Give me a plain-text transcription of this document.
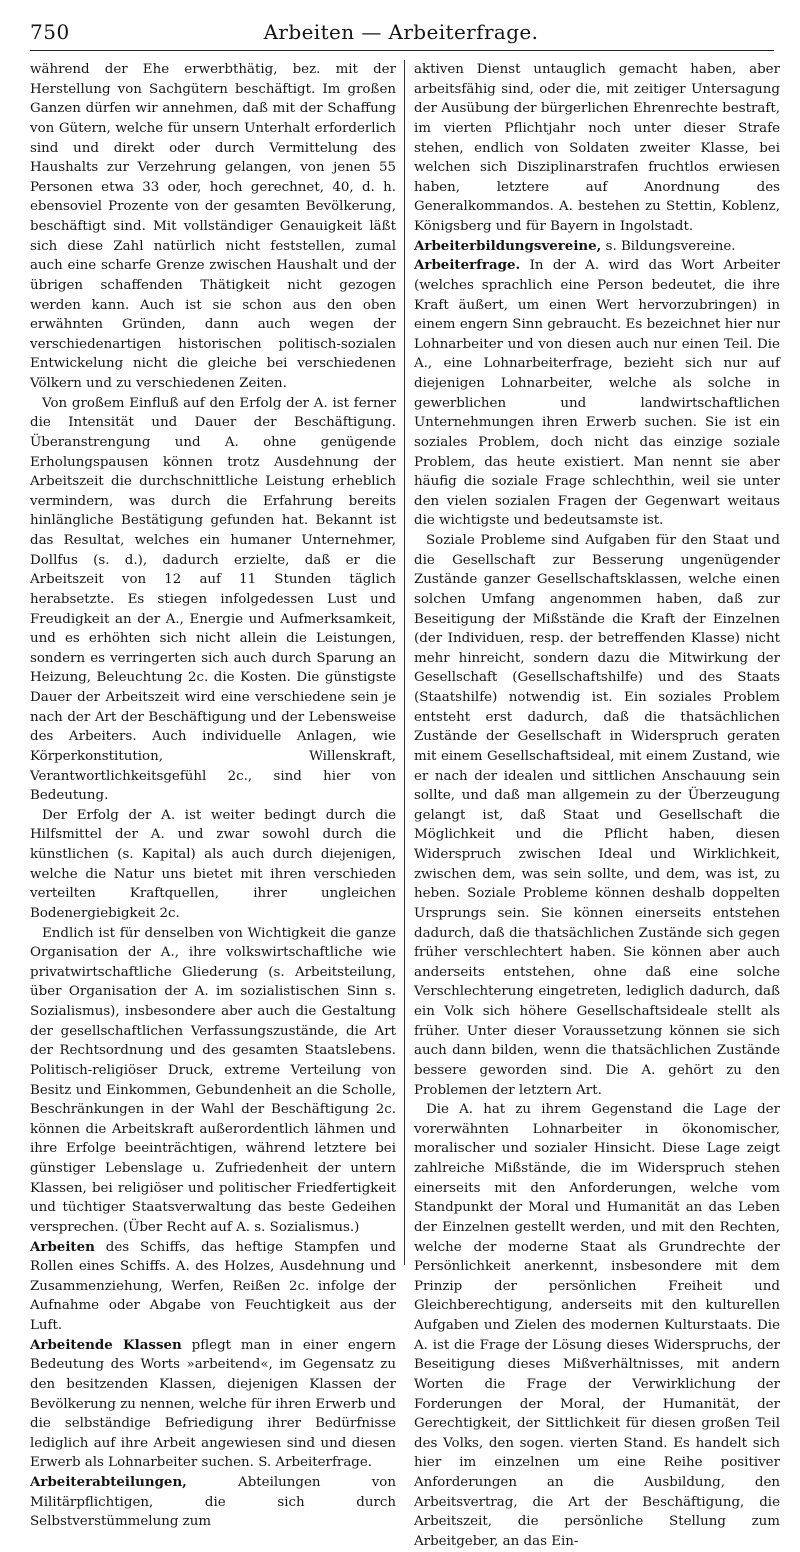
750	Arbeiten — Arbeiterfrage.

während der Ehe erwerbthätig, bez. mit der Herstellung von Sachgütern beschäftigt. Im großen Ganzen dürfen wir annehmen, daß mit der Schaffung von Gütern, welche für unsern Unterhalt erforderlich sind und direkt oder durch Vermittelung des Haushalts zur Verzehrung gelangen, von jenen 55 Personen etwa 33 oder, hoch gerechnet, 40, d. h. ebensoviel Prozente von der gesamten Bevölkerung, beschäftigt sind. Mit vollständiger Genauigkeit läßt sich diese Zahl natürlich nicht feststellen, zumal auch eine scharfe Grenze zwischen Haushalt und der übrigen schaffenden Thätigkeit nicht gezogen werden kann. Auch ist sie schon aus den oben erwähnten Gründen, dann auch wegen der verschiedenartigen historischen politisch-sozialen Entwickelung nicht die gleiche bei verschiedenen Völkern und zu verschiedenen Zeiten.

Von großem Einfluß auf den Erfolg der A. ist ferner die Intensität und Dauer der Beschäftigung. Überanstrengung und A. ohne genügende Erholungspausen können trotz Ausdehnung der Arbeitszeit die durchschnittliche Leistung erheblich vermindern, was durch die Erfahrung bereits hinlängliche Bestätigung gefunden hat. Bekannt ist das Resultat, welches ein humaner Unternehmer, Dollfus (s. d.), dadurch erzielte, daß er die Arbeitszeit von 12 auf 11 Stunden täglich herabsetzte. Es stiegen infolgedessen Lust und Freudigkeit an der A., Energie und Aufmerksamkeit, und es erhöhten sich nicht allein die Leistungen, sondern es verringerten sich auch durch Sparung an Heizung, Beleuchtung 2c. die Kosten. Die günstigste Dauer der Arbeitszeit wird eine verschiedene sein je nach der Art der Beschäftigung und der Lebensweise des Arbeiters. Auch individuelle Anlagen, wie Körperkonstitution, Willenskraft, Verantwortlichkeitsgefühl 2c., sind hier von Bedeutung.

Der Erfolg der A. ist weiter bedingt durch die Hilfsmittel der A. und zwar sowohl durch die künstlichen (s. Kapital) als auch durch diejenigen, welche die Natur uns bietet mit ihren verschieden verteilten Kraftquellen, ihrer ungleichen Bodenergiebigkeit 2c.

Endlich ist für denselben von Wichtigkeit die ganze Organisation der A., ihre volkswirtschaftliche wie privatwirtschaftliche Gliederung (s. Arbeitsteilung, über Organisation der A. im sozialistischen Sinn s. Sozialismus), insbesondere aber auch die Gestaltung der gesellschaftlichen Verfassungszustände, die Art der Rechtsordnung und des gesamten Staatslebens. Politisch-religiöser Druck, extreme Verteilung von Besitz und Einkommen, Gebundenheit an die Scholle, Beschränkungen in der Wahl der Beschäftigung 2c. können die Arbeitskraft außerordentlich lähmen und ihre Erfolge beeinträchtigen, während letztere bei günstiger Lebenslage u. Zufriedenheit der untern Klassen, bei religiöser und politischer Friedfertigkeit und tüchtiger Staatsverwaltung das beste Gedeihen versprechen. (Über Recht auf A. s. Sozialismus.)

Arbeiten des Schiffs, das heftige Stampfen und Rollen eines Schiffs. A. des Holzes, Ausdehnung und Zusammenziehung, Werfen, Reißen 2c. infolge der Aufnahme oder Abgabe von Feuchtigkeit aus der Luft.

Arbeitende Klassen pflegt man in einer engern Bedeutung des Worts »arbeitend«, im Gegensatz zu den besitzenden Klassen, diejenigen Klassen der Bevölkerung zu nennen, welche für ihren Erwerb und die selbständige Befriedigung ihrer Bedürfnisse lediglich auf ihre Arbeit angewiesen sind und diesen Erwerb als Lohnarbeiter suchen. S. Arbeiterfrage.

Arbeiterabteilungen, Abteilungen von Militärpflichtigen, die sich durch Selbstverstümmelung zum

aktiven Dienst untauglich gemacht haben, aber arbeitsfähig sind, oder die, mit zeitiger Untersagung der Ausübung der bürgerlichen Ehrenrechte bestraft, im vierten Pflichtjahr noch unter dieser Strafe stehen, endlich von Soldaten zweiter Klasse, bei welchen sich Disziplinarstrafen fruchtlos erwiesen haben, letztere auf Anordnung des Generalkommandos. A. bestehen zu Stettin, Koblenz, Königsberg und für Bayern in Ingolstadt.

Arbeiterbildungsvereine, s. Bildungsvereine.

Arbeiterfrage. In der A. wird das Wort Arbeiter (welches sprachlich eine Person bedeutet, die ihre Kraft äußert, um einen Wert hervorzubringen) in einem engern Sinn gebraucht. Es bezeichnet hier nur Lohnarbeiter und von diesen auch nur einen Teil. Die A., eine Lohnarbeiterfrage, bezieht sich nur auf diejenigen Lohnarbeiter, welche als solche in gewerblichen und landwirtschaftlichen Unternehmungen ihren Erwerb suchen. Sie ist ein soziales Problem, doch nicht das einzige soziale Problem, das heute existiert. Man nennt sie aber häufig die soziale Frage schlechthin, weil sie unter den vielen sozialen Fragen der Gegenwart weitaus die wichtigste und bedeutsamste ist.

Soziale Probleme sind Aufgaben für den Staat und die Gesellschaft zur Besserung ungenügender Zustände ganzer Gesellschaftsklassen, welche einen solchen Umfang angenommen haben, daß zur Beseitigung der Mißstände die Kraft der Einzelnen (der Individuen, resp. der betreffenden Klasse) nicht mehr hinreicht, sondern dazu die Mitwirkung der Gesellschaft (Gesellschaftshilfe) und des Staats (Staatshilfe) notwendig ist. Ein soziales Problem entsteht erst dadurch, daß die thatsächlichen Zustände der Gesellschaft in Widerspruch geraten mit einem Gesellschaftsideal, mit einem Zustand, wie er nach der idealen und sittlichen Anschauung sein sollte, und daß man allgemein zu der Überzeugung gelangt ist, daß Staat und Gesellschaft die Möglichkeit und die Pflicht haben, diesen Widerspruch zwischen Ideal und Wirklichkeit, zwischen dem, was sein sollte, und dem, was ist, zu heben. Soziale Probleme können deshalb doppelten Ursprungs sein. Sie können einerseits entstehen dadurch, daß die thatsächlichen Zustände sich gegen früher verschlechtert haben. Sie können aber auch anderseits entstehen, ohne daß eine solche Verschlechterung eingetreten, lediglich dadurch, daß ein Volk sich höhere Gesellschaftsideale stellt als früher. Unter dieser Voraussetzung können sie sich auch dann bilden, wenn die thatsächlichen Zustände bessere geworden sind. Die A. gehört zu den Problemen der letztern Art.

Die A. hat zu ihrem Gegenstand die Lage der vorerwähnten Lohnarbeiter in ökonomischer, moralischer und sozialer Hinsicht. Diese Lage zeigt zahlreiche Mißstände, die im Widerspruch stehen einerseits mit den Anforderungen, welche vom Standpunkt der Moral und Humanität an das Leben der Einzelnen gestellt werden, und mit den Rechten, welche der moderne Staat als Grundrechte der Persönlichkeit anerkennt, insbesondere mit dem Prinzip der persönlichen Freiheit und Gleichberechtigung, anderseits mit den kulturellen Aufgaben und Zielen des modernen Kulturstaats. Die A. ist die Frage der Lösung dieses Widerspruchs, der Beseitigung dieses Mißverhältnisses, mit andern Worten die Frage der Verwirklichung der Forderungen der Moral, der Humanität, der Gerechtigkeit, der Sittlichkeit für diesen großen Teil des Volks, den sogen. vierten Stand. Es handelt sich hier im einzelnen um eine Reihe positiver Anforderungen an die Ausbildung, den Arbeitsvertrag, die Art der Beschäftigung, die Arbeitszeit, die persönliche Stellung zum Arbeitgeber, an das Ein-
